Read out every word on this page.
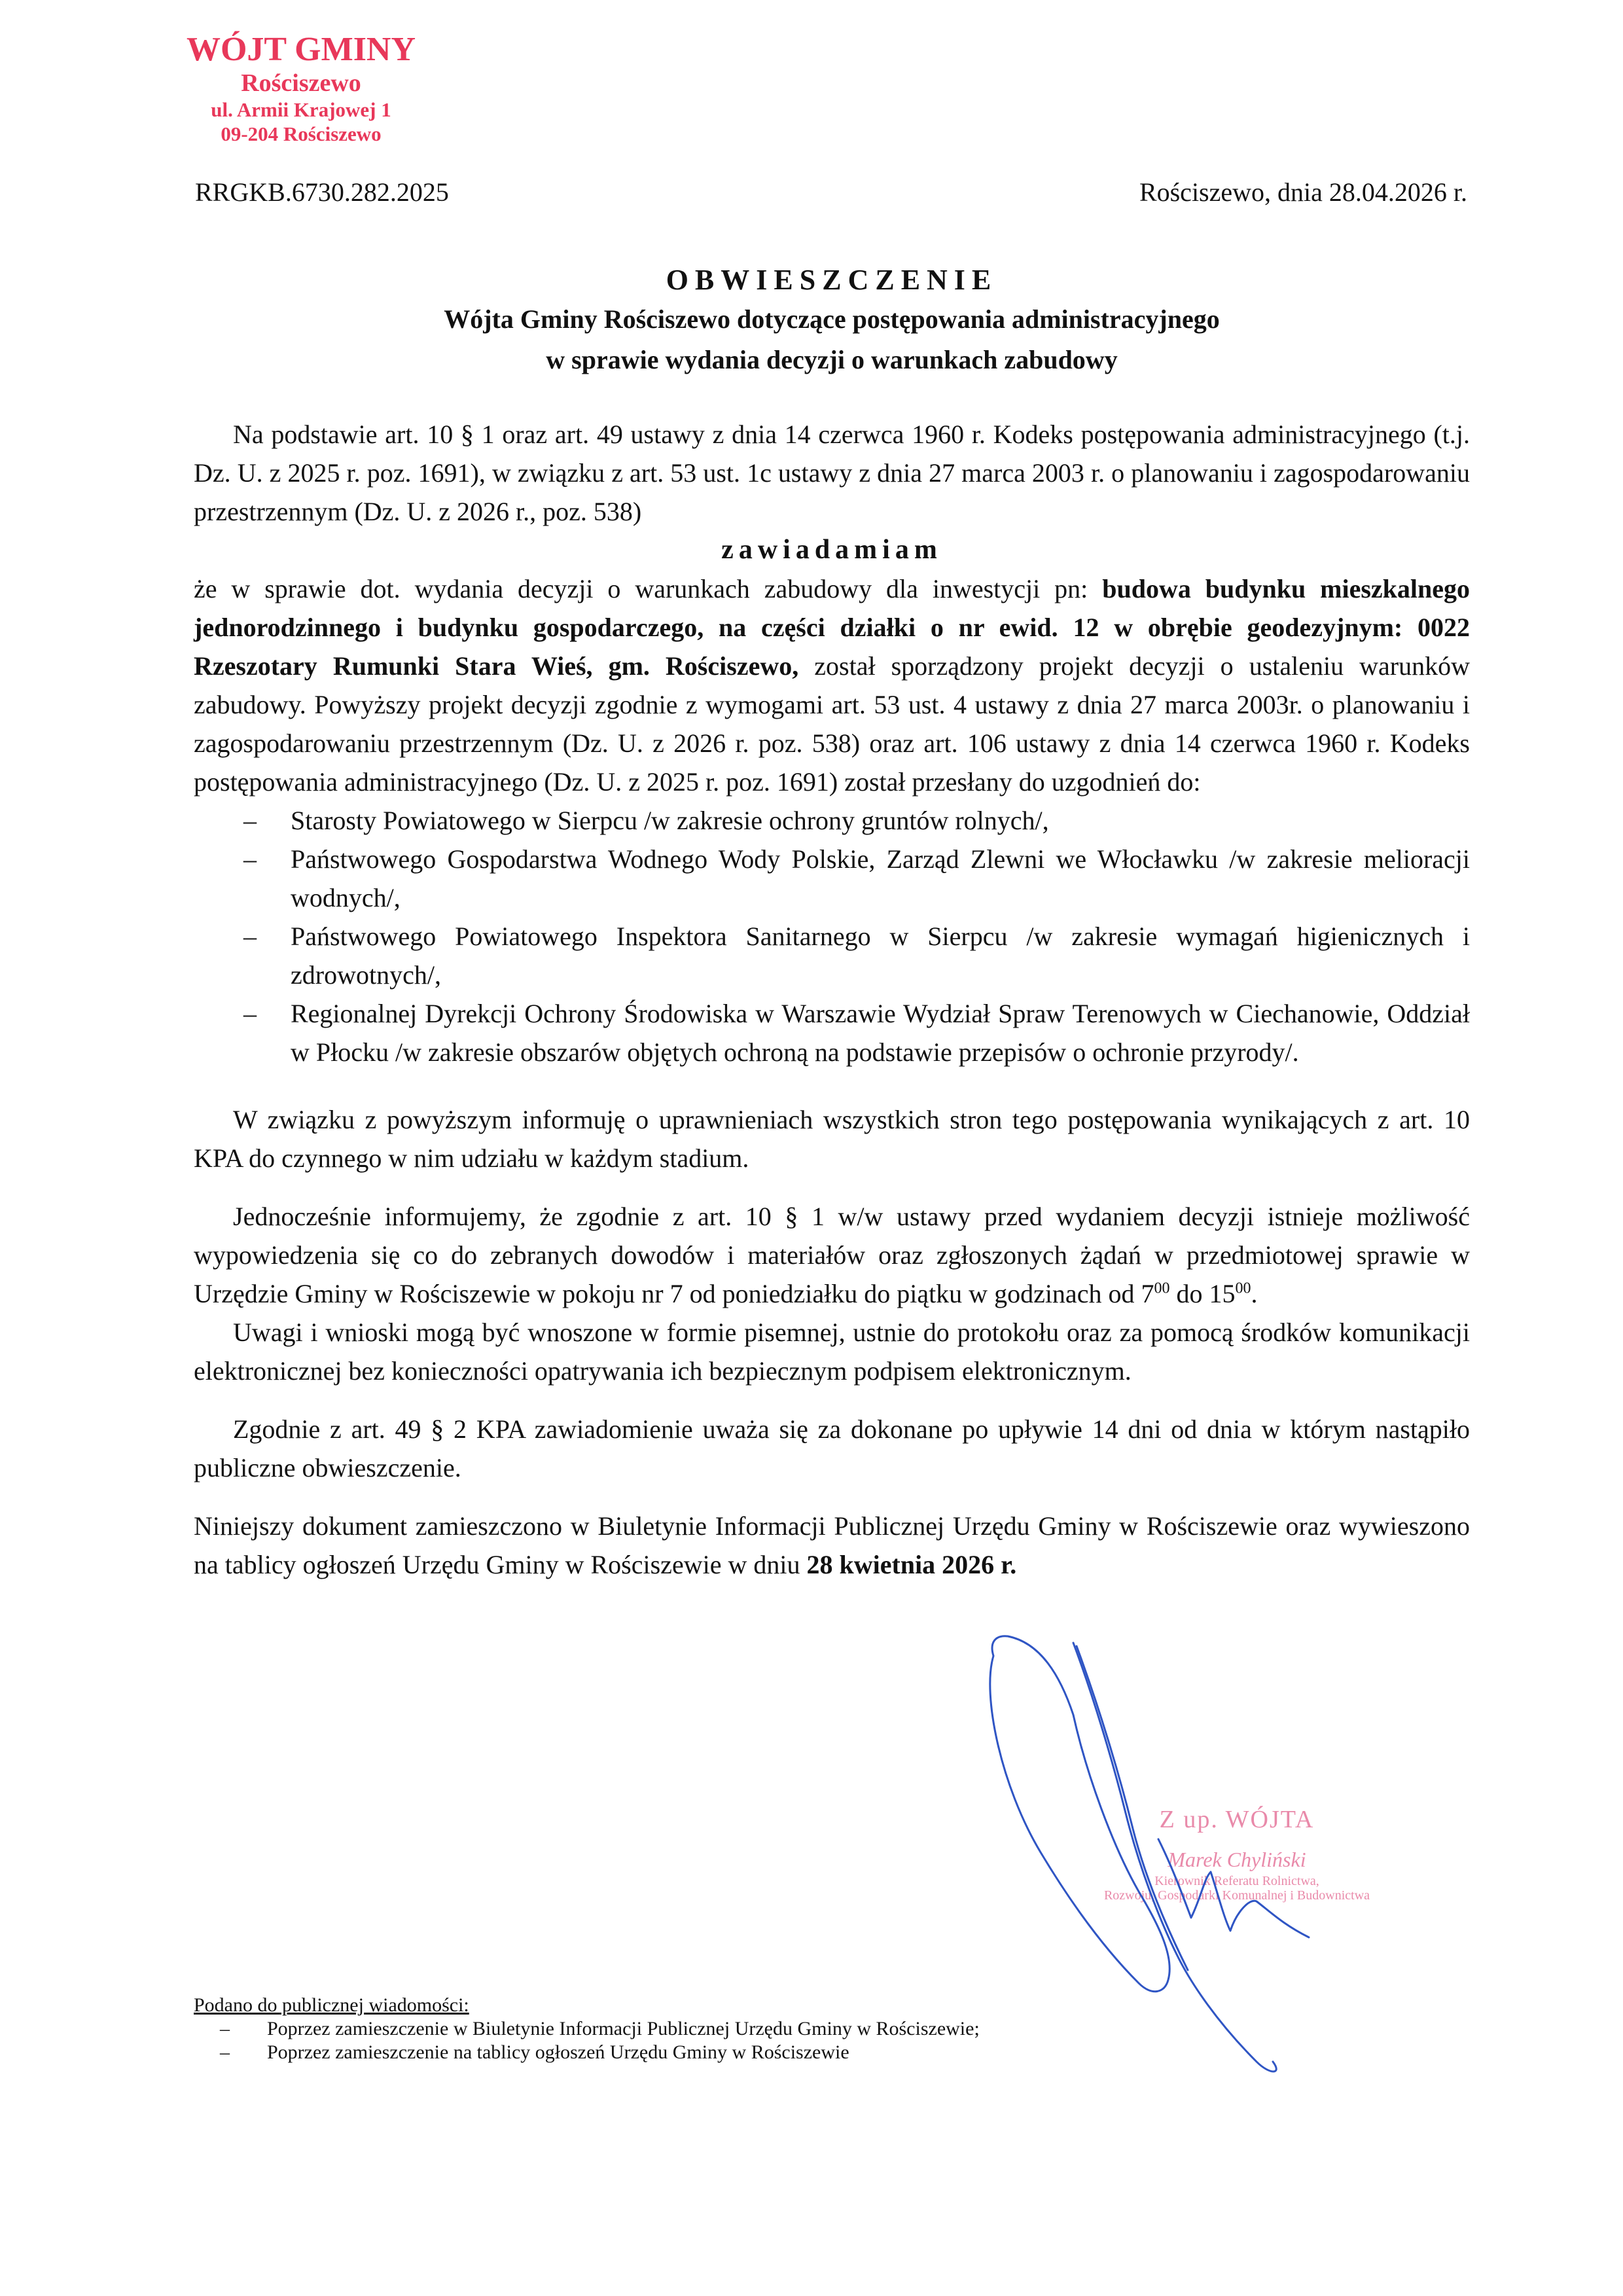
WÓJT GMINY
Rościszewo
ul. Armii Krajowej 1
09-204 Rościszewo
RRGKB.6730.282.2025	Rościszewo, dnia 28.04.2026 r.
OBWIESZCZENIE
Wójta Gminy Rościszewo dotyczące postępowania administracyjnego
w sprawie wydania decyzji o warunkach zabudowy
Na podstawie art. 10 § 1 oraz art. 49 ustawy z dnia 14 czerwca 1960 r. Kodeks postępowania administracyjnego (t.j. Dz. U. z 2025 r. poz. 1691), w związku z art. 53 ust. 1c ustawy z dnia 27 marca 2003 r. o planowaniu i zagospodarowaniu przestrzennym (Dz. U. z 2026 r., poz. 538)
zawiadamiam
że w sprawie dot. wydania decyzji o warunkach zabudowy dla inwestycji pn: budowa budynku mieszkalnego jednorodzinnego i budynku gospodarczego, na części działki o nr ewid. 12 w obrębie geodezyjnym: 0022 Rzeszotary Rumunki Stara Wieś, gm. Rościszewo, został sporządzony projekt decyzji o ustaleniu warunków zabudowy. Powyższy projekt decyzji zgodnie z wymogami art. 53 ust. 4 ustawy z dnia 27 marca 2003r. o planowaniu i zagospodarowaniu przestrzennym (Dz. U. z 2026 r. poz. 538) oraz art. 106 ustawy z dnia 14 czerwca 1960 r. Kodeks postępowania administracyjnego (Dz. U. z 2025 r. poz. 1691) został przesłany do uzgodnień do:
– Starosty Powiatowego w Sierpcu /w zakresie ochrony gruntów rolnych/,
– Państwowego Gospodarstwa Wodnego Wody Polskie, Zarząd Zlewni we Włocławku /w zakresie melioracji wodnych/,
– Państwowego Powiatowego Inspektora Sanitarnego w Sierpcu /w zakresie wymagań higienicznych i zdrowotnych/,
– Regionalnej Dyrekcji Ochrony Środowiska w Warszawie Wydział Spraw Terenowych w Ciechanowie, Oddział w Płocku /w zakresie obszarów objętych ochroną na podstawie przepisów o ochronie przyrody/.
W związku z powyższym informuję o uprawnieniach wszystkich stron tego postępowania wynikających z art. 10 KPA do czynnego w nim udziału w każdym stadium.
Jednocześnie informujemy, że zgodnie z art. 10 § 1 w/w ustawy przed wydaniem decyzji istnieje możliwość wypowiedzenia się co do zebranych dowodów i materiałów oraz zgłoszonych żądań w przedmiotowej sprawie w Urzędzie Gminy w Rościszewie w pokoju nr 7 od poniedziałku do piątku w godzinach od $7^{00}$ do $15^{00}$.
Uwagi i wnioski mogą być wnoszone w formie pisemnej, ustnie do protokołu oraz za pomocą środków komunikacji elektronicznej bez konieczności opatrywania ich bezpiecznym podpisem elektronicznym.
Zgodnie z art. 49 § 2 KPA zawiadomienie uważa się za dokonane po upływie 14 dni od dnia w którym nastąpiło publiczne obwieszczenie.
Niniejszy dokument zamieszczono w Biuletynie Informacji Publicznej Urzędu Gminy w Rościszewie oraz wywieszono na tablicy ogłoszeń Urzędu Gminy w Rościszewie w dniu 28 kwietnia 2026 r.
Z up. WÓJTA
Marek Chyliński
Kierownik Referatu Rolnictwa,
Rozwoju, Gospodarki Komunalnej i Budownictwa
Podano do publicznej wiadomości:
– Poprzez zamieszczenie w Biuletynie Informacji Publicznej Urzędu Gminy w Rościszewie;
– Poprzez zamieszczenie na tablicy ogłoszeń Urzędu Gminy w Rościszewie
